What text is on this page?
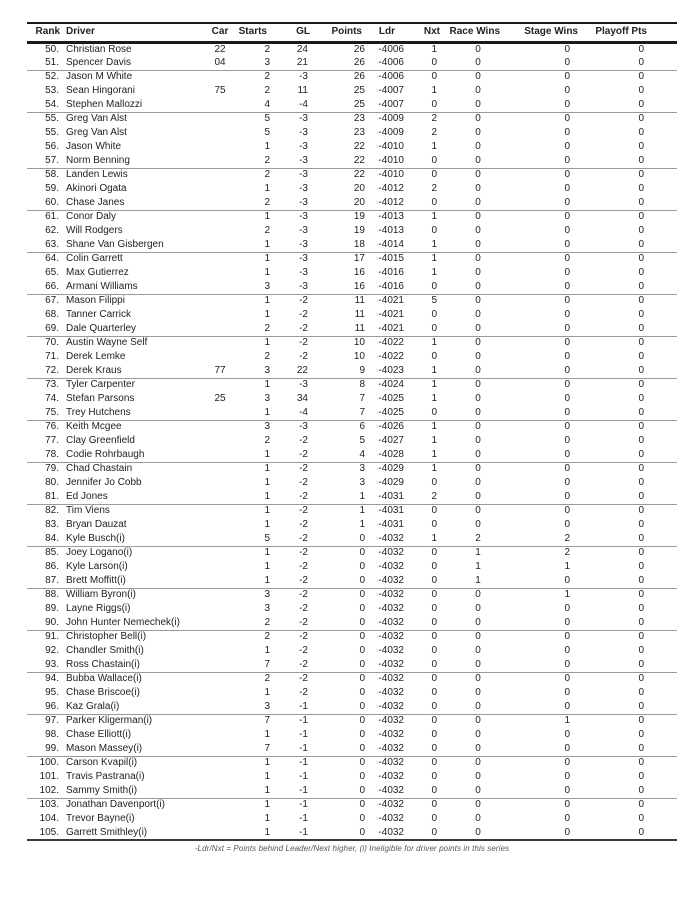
Rank	Driver	Car	Starts	GL	Points	Ldr	Nxt	Race Wins	Stage Wins	Playoff Pts
50.	Christian Rose	22	2	24	26	-4006	1	0	0	0
51.	Spencer Davis	04	3	21	26	-4006	0	0	0	0
52.	Jason M White		2	-3	26	-4006	0	0	0	0
53.	Sean Hingorani	75	2	11	25	-4007	1	0	0	0
54.	Stephen Mallozzi		4	-4	25	-4007	0	0	0	0
55.	Greg Van Alst		5	-3	23	-4009	2	0	0	0
55.	Greg Van Alst		5	-3	23	-4009	2	0	0	0
56.	Jason White		1	-3	22	-4010	1	0	0	0
57.	Norm Benning		2	-3	22	-4010	0	0	0	0
58.	Landen Lewis		2	-3	22	-4010	0	0	0	0
59.	Akinori Ogata		1	-3	20	-4012	2	0	0	0
60.	Chase Janes		2	-3	20	-4012	0	0	0	0
61.	Conor Daly		1	-3	19	-4013	1	0	0	0
62.	Will Rodgers		2	-3	19	-4013	0	0	0	0
63.	Shane Van Gisbergen		1	-3	18	-4014	1	0	0	0
64.	Colin Garrett		1	-3	17	-4015	1	0	0	0
65.	Max Gutierrez		1	-3	16	-4016	1	0	0	0
66.	Armani Williams		3	-3	16	-4016	0	0	0	0
67.	Mason Filippi		1	-2	11	-4021	5	0	0	0
68.	Tanner Carrick		1	-2	11	-4021	0	0	0	0
69.	Dale Quarterley		2	-2	11	-4021	0	0	0	0
70.	Austin Wayne Self		1	-2	10	-4022	1	0	0	0
71.	Derek Lemke		2	-2	10	-4022	0	0	0	0
72.	Derek Kraus	77	3	22	9	-4023	1	0	0	0
73.	Tyler Carpenter		1	-3	8	-4024	1	0	0	0
74.	Stefan Parsons	25	3	34	7	-4025	1	0	0	0
75.	Trey Hutchens		1	-4	7	-4025	0	0	0	0
76.	Keith Mcgee		3	-3	6	-4026	1	0	0	0
77.	Clay Greenfield		2	-2	5	-4027	1	0	0	0
78.	Codie Rohrbaugh		1	-2	4	-4028	1	0	0	0
79.	Chad Chastain		1	-2	3	-4029	1	0	0	0
80.	Jennifer Jo Cobb		1	-2	3	-4029	0	0	0	0
81.	Ed Jones		1	-2	1	-4031	2	0	0	0
82.	Tim Viens		1	-2	1	-4031	0	0	0	0
83.	Bryan Dauzat		1	-2	1	-4031	0	0	0	0
84.	Kyle Busch(i)		5	-2	0	-4032	1	2	2	0
85.	Joey Logano(i)		1	-2	0	-4032	0	1	2	0
86.	Kyle Larson(i)		1	-2	0	-4032	0	1	1	0
87.	Brett Moffitt(i)		1	-2	0	-4032	0	1	0	0
88.	William Byron(i)		3	-2	0	-4032	0	0	1	0
89.	Layne Riggs(i)		3	-2	0	-4032	0	0	0	0
90.	John Hunter Nemechek(i)		2	-2	0	-4032	0	0	0	0
91.	Christopher Bell(i)		2	-2	0	-4032	0	0	0	0
92.	Chandler Smith(i)		1	-2	0	-4032	0	0	0	0
93.	Ross Chastain(i)		7	-2	0	-4032	0	0	0	0
94.	Bubba Wallace(i)		2	-2	0	-4032	0	0	0	0
95.	Chase Briscoe(i)		1	-2	0	-4032	0	0	0	0
96.	Kaz Grala(i)		3	-1	0	-4032	0	0	0	0
97.	Parker Kligerman(i)		7	-1	0	-4032	0	0	1	0
98.	Chase Elliott(i)		1	-1	0	-4032	0	0	0	0
99.	Mason Massey(i)		7	-1	0	-4032	0	0	0	0
100.	Carson Kvapil(i)		1	-1	0	-4032	0	0	0	0
101.	Travis Pastrana(i)		1	-1	0	-4032	0	0	0	0
102.	Sammy Smith(i)		1	-1	0	-4032	0	0	0	0
103.	Jonathan Davenport(i)		1	-1	0	-4032	0	0	0	0
104.	Trevor Bayne(i)		1	-1	0	-4032	0	0	0	0
105.	Garrett Smithley(i)		1	-1	0	-4032	0	0	0	0
-Ldr/Nxt = Points behind Leader/Next higher, (i) Ineligible for driver points in this series
